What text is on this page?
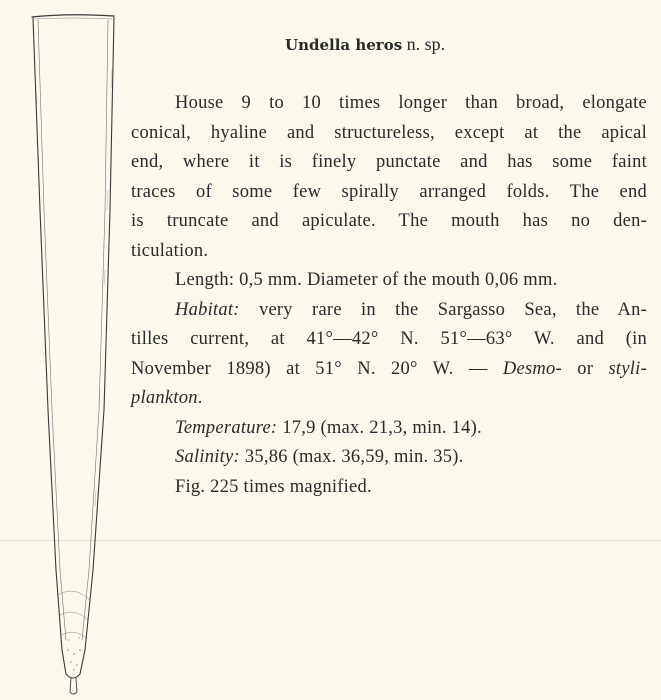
Undella heros n. sp.

House 9 to 10 times longer than broad, elongate
conical, hyaline and structureless, except at the apical
end, where it is finely punctate and has some faint
traces of some few spirally arranged folds. The end
is truncate and apiculate. The mouth has no den-
ticulation.

Length: 0,5 mm. Diameter of the mouth 0,06 mm.

Habitat: very rare in the Sargasso Sea, the An-
tilles current, at 41°—42° N. 51°—63° W. and (in
November 1898) at 51° N. 20° W. — Desmo- or styli-
plankton.

Temperature: 17,9 (max. 21,3, min. 14).

Salinity: 35,86 (max. 36,59, min. 35).

Fig. 225 times magnified.
